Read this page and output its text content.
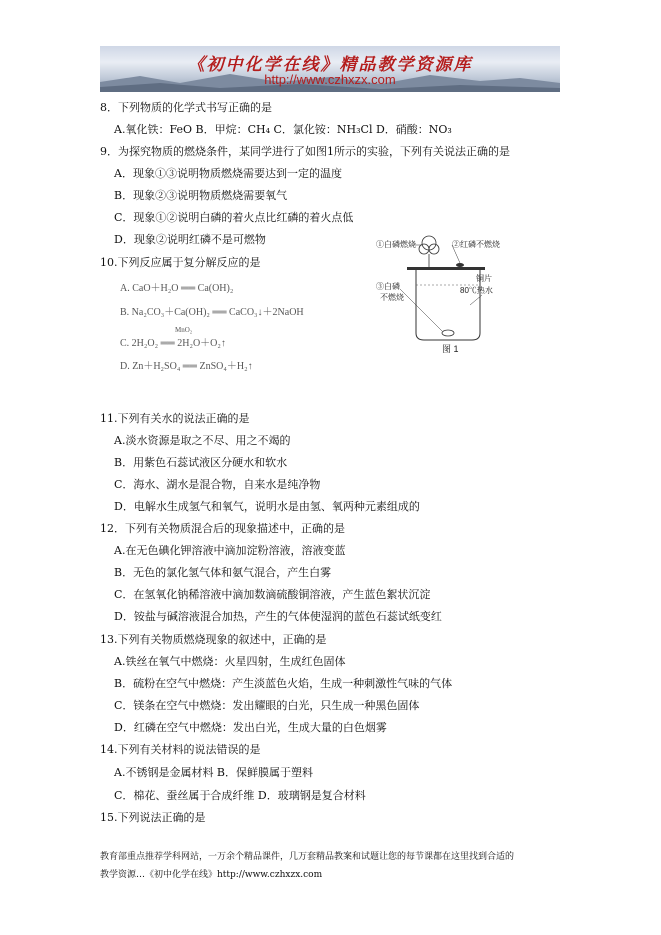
《初中化学在线》精品教学资源库
http://www.czhxzx.com
8．下列物质的化学式书写正确的是
A.氧化铁：FeO B．甲烷：CH₄ C．氯化铵：NH₃Cl D．硝酸：NO₃
9．为探究物质的燃烧条件，某同学进行了如图1所示的实验，下列有关说法正确的是
A．现象①③说明物质燃烧需要达到一定的温度
B．现象②③说明物质燃烧需要氧气
C．现象①②说明白磷的着火点比红磷的着火点低
D．现象②说明红磷不是可燃物
10.下列反应属于复分解反应的是
A. CaO＋H₂O ══ Ca(OH)₂
B. Na₂CO₃＋Ca(OH)₂ ══ CaCO₃↓＋2NaOH
MnO₂
C. 2H₂O₂ ══ 2H₂O＋O₂↑
D. Zn＋H₂SO₄ ══ ZnSO₄＋H₂↑
①白磷燃烧	②红磷不燃烧
铜片
③白磷
不燃烧
80℃热水
图 1
11.下列有关水的说法正确的是
A.淡水资源是取之不尽、用之不竭的
B．用紫色石蕊试液区分硬水和软水
C．海水、湖水是混合物，自来水是纯净物
D．电解水生成氢气和氧气，说明水是由氢、氧两种元素组成的
12．下列有关物质混合后的现象描述中，正确的是
A.在无色碘化钾溶液中滴加淀粉溶液，溶液变蓝
B．无色的氯化氢气体和氨气混合，产生白雾
C．在氢氧化钠稀溶液中滴加数滴硫酸铜溶液，产生蓝色絮状沉淀
D．铵盐与碱溶液混合加热，产生的气体使湿润的蓝色石蕊试纸变红
13.下列有关物质燃烧现象的叙述中，正确的是
A.铁丝在氧气中燃烧：火星四射，生成红色固体
B．硫粉在空气中燃烧：产生淡蓝色火焰，生成一种刺激性气味的气体
C．镁条在空气中燃烧：发出耀眼的白光，只生成一种黑色固体
D．红磷在空气中燃烧：发出白光，生成大量的白色烟雾
14.下列有关材料的说法错误的是
A.不锈钢是金属材料 B．保鲜膜属于塑料
C．棉花、蚕丝属于合成纤维 D．玻璃钢是复合材料
15.下列说法正确的是
教育部重点推荐学科网站，一万余个精品课件，几万套精品教案和试题让您的每节课都在这里找到合适的
教学资源…《初中化学在线》http://www.czhxzx.com
